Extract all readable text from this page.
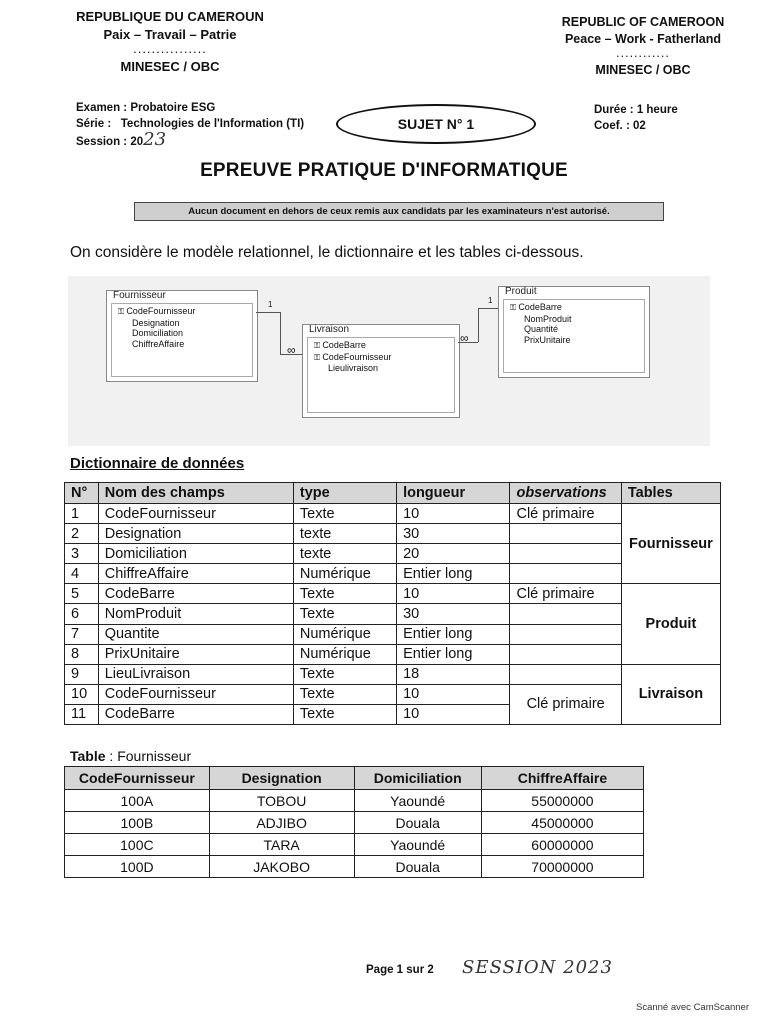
REPUBLIQUE DU CAMEROUN
Paix – Travail – Patrie
................
MINESEC / OBC
REPUBLIC OF CAMEROON
Peace – Work - Fatherland
............
MINESEC / OBC
Examen : Probatoire ESG
Série : Technologies de l'Information (TI)
Session : 2023
SUJET N° 1
Durée : 1 heure
Coef. : 02
EPREUVE PRATIQUE D'INFORMATIQUE
Aucun document en dehors de ceux remis aux candidats par les examinateurs n'est autorisé.
On considère le modèle relationnel, le dictionnaire et les tables ci-dessous.
Fournisseur
⚿ CodeFournisseur
Designation
Domiciliation
ChiffreAffaire
Livraison
⚿ CodeBarre
⚿ CodeFournisseur
Lieulivraison
Produit
⚿ CodeBarre
NomProduit
Quantité
PrixUnitaire
1
∞
∞
1
Dictionnaire de données
N°	Nom des champs	type	longueur	observations	Tables
1	CodeFournisseur	Texte	10	Clé primaire	Fournisseur
2	Designation	texte	30		
3	Domiciliation	texte	20		
4	ChiffreAffaire	Numérique	Entier long		
5	CodeBarre	Texte	10	Clé primaire	Produit
6	NomProduit	Texte	30		
7	Quantite	Numérique	Entier long		
8	PrixUnitaire	Numérique	Entier long		
9	LieuLivraison	Texte	18		Livraison
10	CodeFournisseur	Texte	10	Clé primaire	
11	CodeBarre	Texte	10		
Table : Fournisseur
CodeFournisseur	Designation	Domiciliation	ChiffreAffaire
100A	TOBOU	Yaoundé	55000000
100B	ADJIBO	Douala	45000000
100C	TARA	Yaoundé	60000000
100D	JAKOBO	Douala	70000000
Page 1 sur 2 SESSION 2023
Scanné avec CamScanner
